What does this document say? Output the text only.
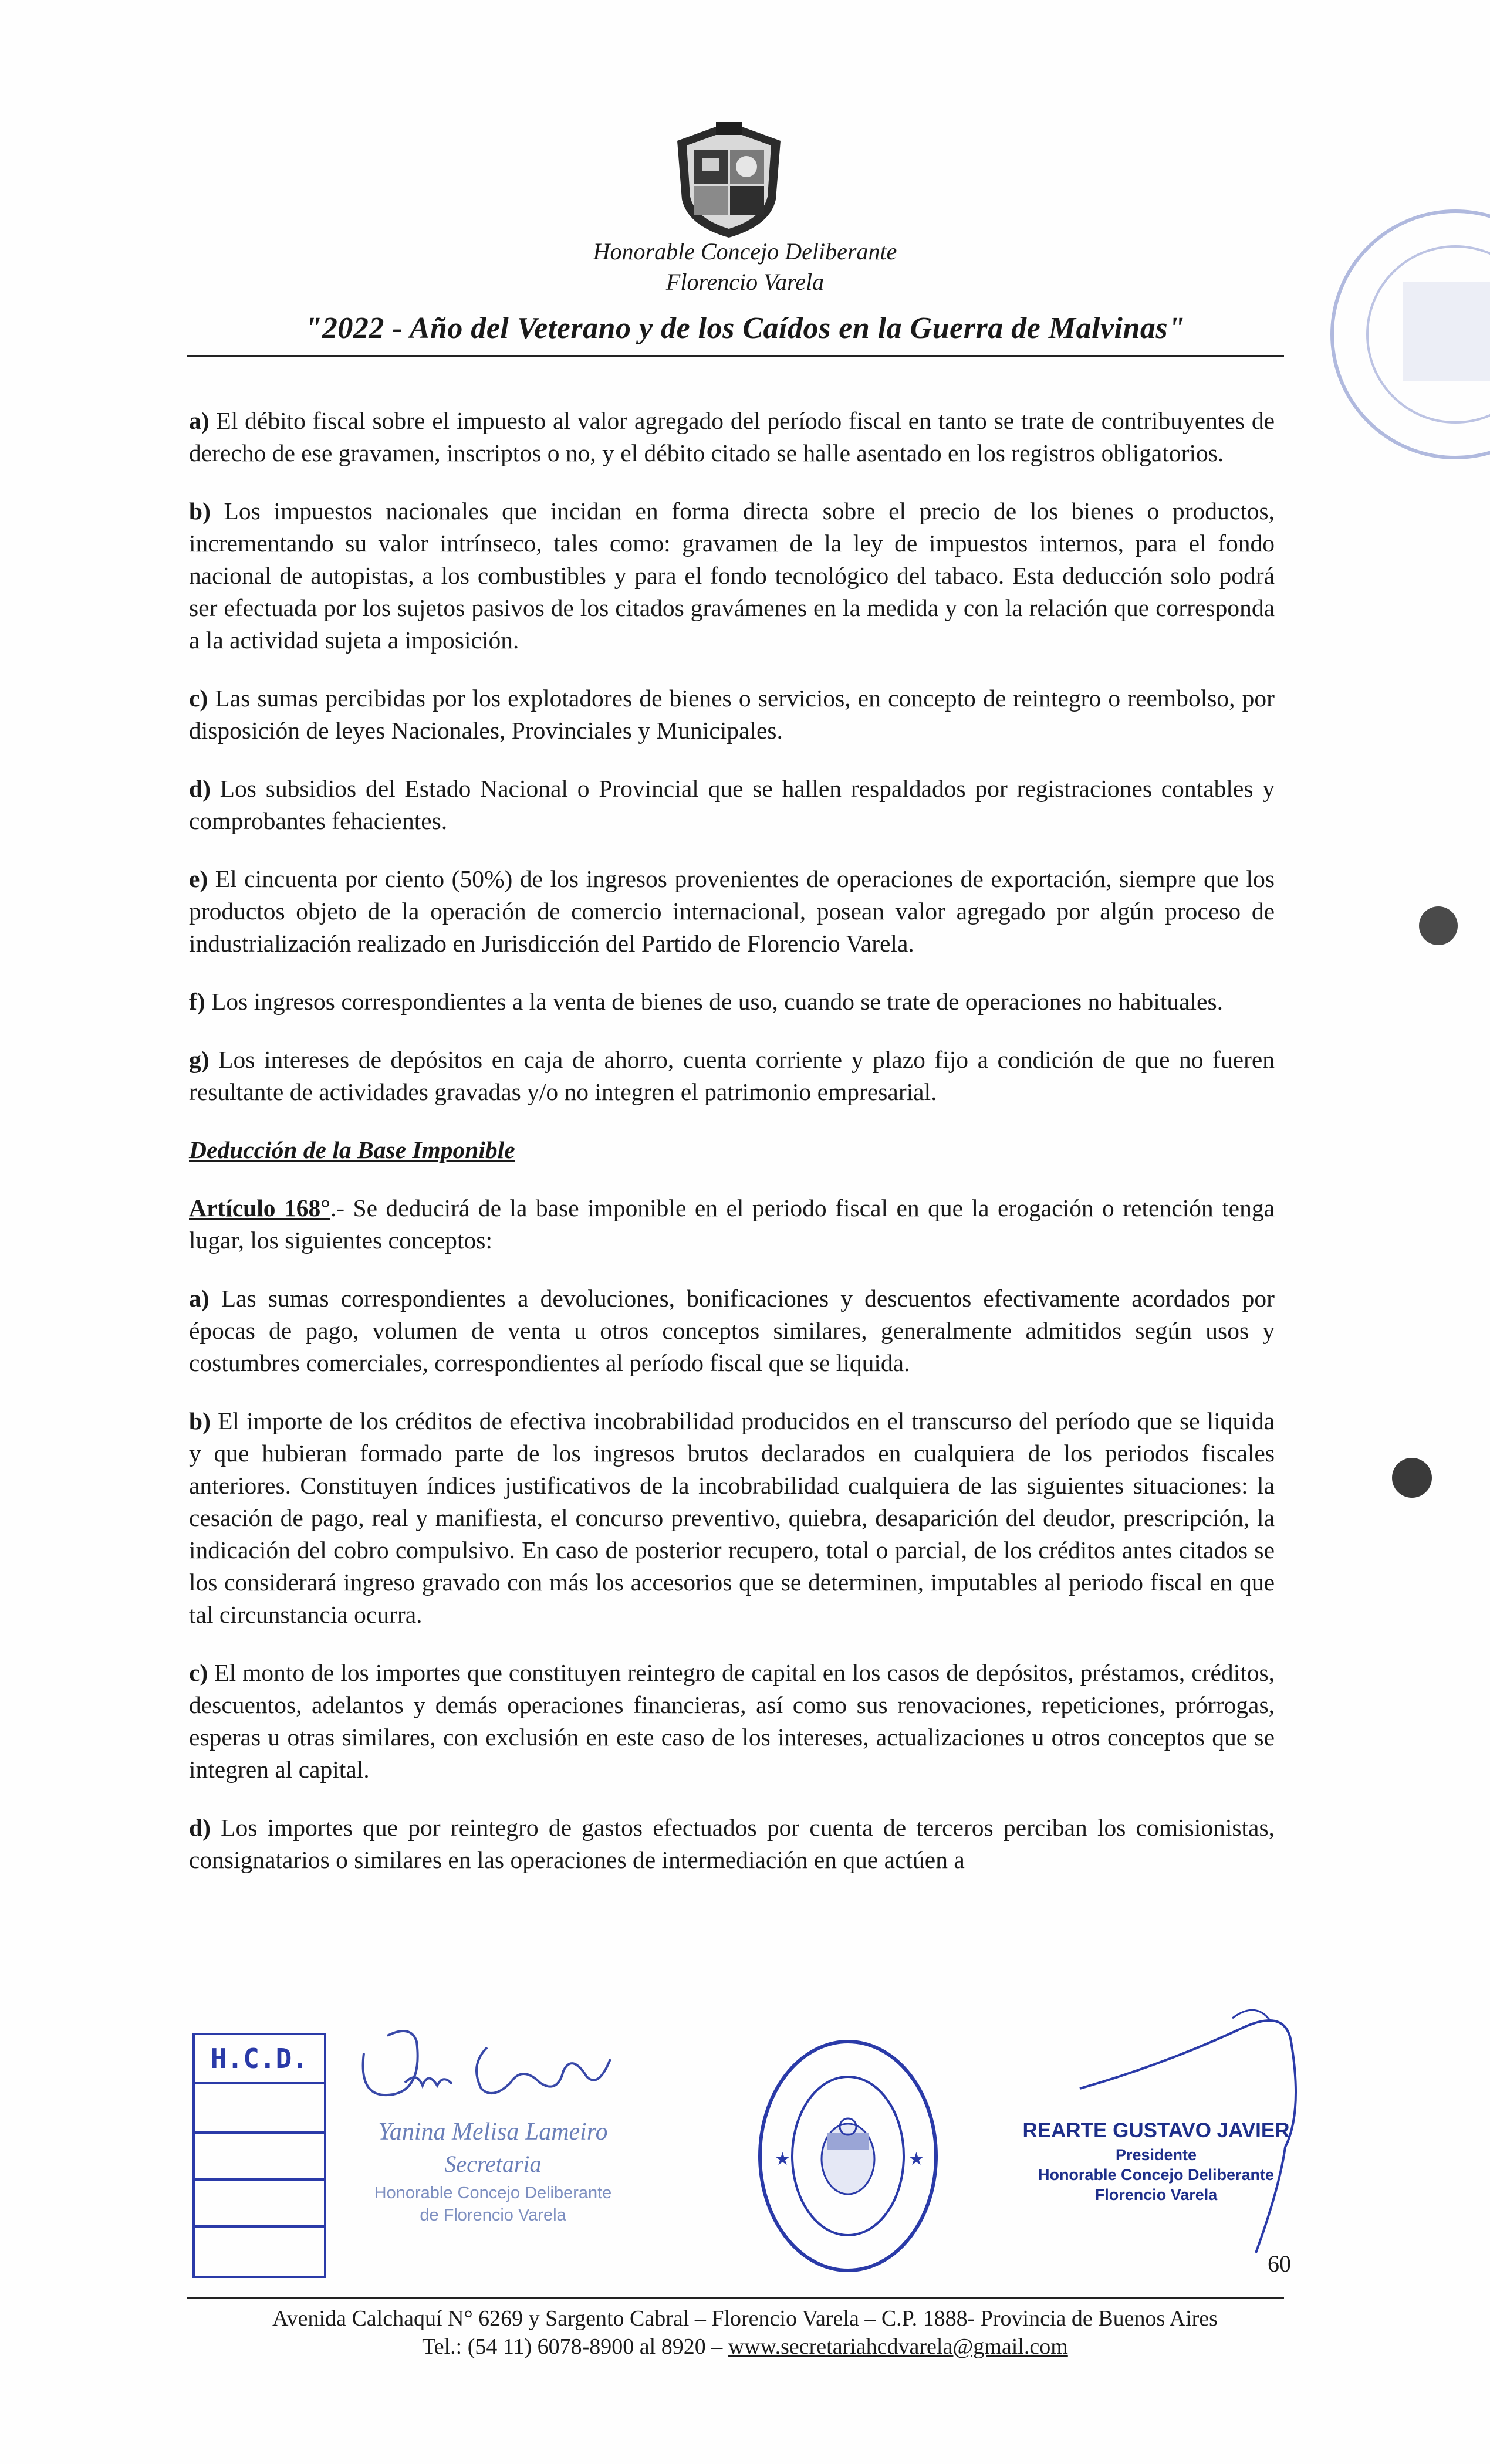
Honorable Concejo Deliberante
Florencio Varela
"2022 - Año del Veterano y de los Caídos en la Guerra de Malvinas"

a) El débito fiscal sobre el impuesto al valor agregado del período fiscal en tanto se trate de contribuyentes de derecho de ese gravamen, inscriptos o no, y el débito citado se halle asentado en los registros obligatorios.

b) Los impuestos nacionales que incidan en forma directa sobre el precio de los bienes o productos, incrementando su valor intrínseco, tales como: gravamen de la ley de impuestos internos, para el fondo nacional de autopistas, a los combustibles y para el fondo tecnológico del tabaco. Esta deducción solo podrá ser efectuada por los sujetos pasivos de los citados gravámenes en la medida y con la relación que corresponda a la actividad sujeta a imposición.

c) Las sumas percibidas por los explotadores de bienes o servicios, en concepto de reintegro o reembolso, por disposición de leyes Nacionales, Provinciales y Municipales.

d) Los subsidios del Estado Nacional o Provincial que se hallen respaldados por registraciones contables y comprobantes fehacientes.

e) El cincuenta por ciento (50%) de los ingresos provenientes de operaciones de exportación, siempre que los productos objeto de la operación de comercio internacional, posean valor agregado por algún proceso de industrialización realizado en Jurisdicción del Partido de Florencio Varela.

f) Los ingresos correspondientes a la venta de bienes de uso, cuando se trate de operaciones no habituales.

g) Los intereses de depósitos en caja de ahorro, cuenta corriente y plazo fijo a condición de que no fueren resultante de actividades gravadas y/o no integren el patrimonio empresarial.

Deducción de la Base Imponible

Artículo 168°.- Se deducirá de la base imponible en el periodo fiscal en que la erogación o retención tenga lugar, los siguientes conceptos:

a) Las sumas correspondientes a devoluciones, bonificaciones y descuentos efectivamente acordados por épocas de pago, volumen de venta u otros conceptos similares, generalmente admitidos según usos y costumbres comerciales, correspondientes al período fiscal que se liquida.

b) El importe de los créditos de efectiva incobrabilidad producidos en el transcurso del período que se liquida y que hubieran formado parte de los ingresos brutos declarados en cualquiera de los periodos fiscales anteriores. Constituyen índices justificativos de la incobrabilidad cualquiera de las siguientes situaciones: la cesación de pago, real y manifiesta, el concurso preventivo, quiebra, desaparición del deudor, prescripción, la indicación del cobro compulsivo. En caso de posterior recupero, total o parcial, de los créditos antes citados se los considerará ingreso gravado con más los accesorios que se determinen, imputables al periodo fiscal en que tal circunstancia ocurra.

c) El monto de los importes que constituyen reintegro de capital en los casos de depósitos, préstamos, créditos, descuentos, adelantos y demás operaciones financieras, así como sus renovaciones, repeticiones, prórrogas, esperas u otras similares, con exclusión en este caso de los intereses, actualizaciones u otros conceptos que se integren al capital.

d) Los importes que por reintegro de gastos efectuados por cuenta de terceros perciban los comisionistas, consignatarios o similares en las operaciones de intermediación en que actúen a

H.C.D.
Yanina Melisa Lameiro
Secretaria
Honorable Concejo Deliberante
de Florencio Varela
★	★
REARTE GUSTAVO JAVIER
Presidente
Honorable Concejo Deliberante
Florencio Varela
60
Avenida Calchaquí N° 6269 y Sargento Cabral – Florencio Varela – C.P. 1888- Provincia de Buenos Aires
Tel.: (54 11) 6078-8900 al 8920 – www.secretariahcdvarela@gmail.com
